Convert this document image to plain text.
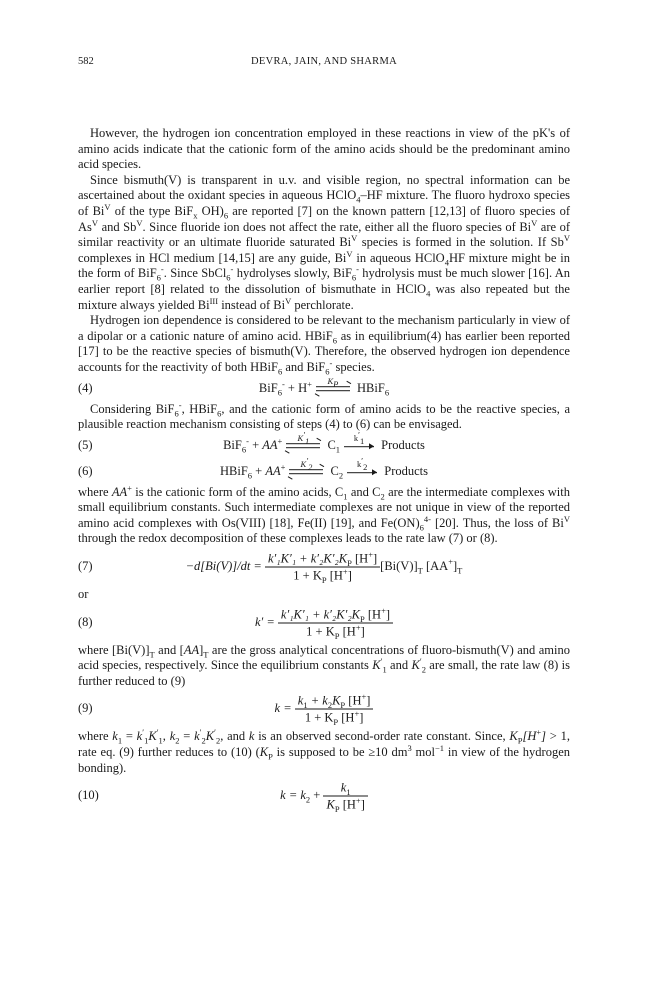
582	DEVRA, JAIN, AND SHARMA

However, the hydrogen ion concentration employed in these reactions in view of the pK's of amino acids indicate that the cationic form of the amino acids should be the predominant amino acid species.

Since bismuth(V) is transparent in u.v. and visible region, no spectral information can be ascertained about the oxidant species in aqueous HClO$_4$–HF mixture. The fluoro hydroxo species of $Bi^V$ of the type BiF$_x$ $OH)_6$ are reported [7] on the known pattern [12,13] of fluoro species of $As^V$ and $Sb^V$. Since fluoride ion does not affect the rate, either all the fluoro species of $Bi^V$ are of similar reactivity or an ultimate fluoride saturated $Bi^V$ species is formed in the solution. If $Sb^V$ complexes in HCl medium [14,15] are any guide, $Bi^V$ in aqueous HClO$_4$HF mixture might be in the form of BiF$_6$-. Since SbCl$_6$- hydrolyses slowly, BiF$_6$- hydrolysis must be much slower [16]. An earlier report [8] related to the dissolution of bismuthate in HClO$_4$ was also repeated but the mixture always yielded $Bi^{III}$ instead of $Bi^V$ perchlorate.

Hydrogen ion dependence is considered to be relevant to the mechanism particularly in view of a dipolar or a cationic nature of amino acid. HBiF$_6$ as in equilibrium(4) has earlier been reported [17] to be the reactive species of bismuth(V). Therefore, the observed hydrogen ion dependence accounts for the reactivity of both HBiF$_6$ and BiF$_6$- species.

(4)	BiF$_6$- + H+	$K_P$	HBiF$_6$

Considering BiF$_6$-, HBiF$_6$, and the cationic form of amino acids to be the reactive species, a plausible reaction mechanism consisting of steps (4) to (6) can be envisaged.

(5)	BiF$_6$- + AA+	$K'_1$	$C_1$
$k'_1$	Products
(6)	HBiF$_6$ + AA+	$K'_2$	$C_2$
$k'_2$	Products

where AA+ is the cationic form of the amino acids, $C_1$ and $C_2$ are the intermediate complexes with small equilibrium constants. Such intermediate complexes are not unique in view of the reported amino acid complexes with Os(VIII) [18], Fe(II) [19], and $Fe(ON)_6^{4-}$ [20]. Thus, the loss of $Bi^V$ through the redox decomposition of these complexes leads to the rate law (7) or (8).

(7)	$-d[Bi(V)]/dt = \frac{k'_1K'_1 + k'_2K'_2K_P [H^+]}{1 + K_P [H^+]} [Bi(V)]_T$ $[AA^+]_T$

or

(8)	$k' = \frac{k'_1K'_1 + k'_2K'_2K_P [H^+]}{1 + K_P [H^+]}$

where $[Bi(V)]_T$ and $[AA]_T$ are the gross analytical concentrations of fluoro-bismuth(V) and amino acid species, respectively. Since the equilibrium constants $K'_1$ and $K'_2$ are small, the rate law (8) is further reduced to (9)

(9)	$k = \frac{k_1 + k_2K_P [H^+]}{1 + K_P [H^+]}$

where $k_1 = k'_1K'_1$, $k_2 = k'_2K'_2$, and k is an observed second-order rate constant. Since, $K_P[H^+] > 1$, rate eq. (9) further reduces to (10) ($K_P$ is supposed to be ≥10 $dm^3$ mol$^{-1}$ in view of the hydrogen bonding).

(10)	$k = k_2 + \frac{k_1}{K_P [H^+]}$
